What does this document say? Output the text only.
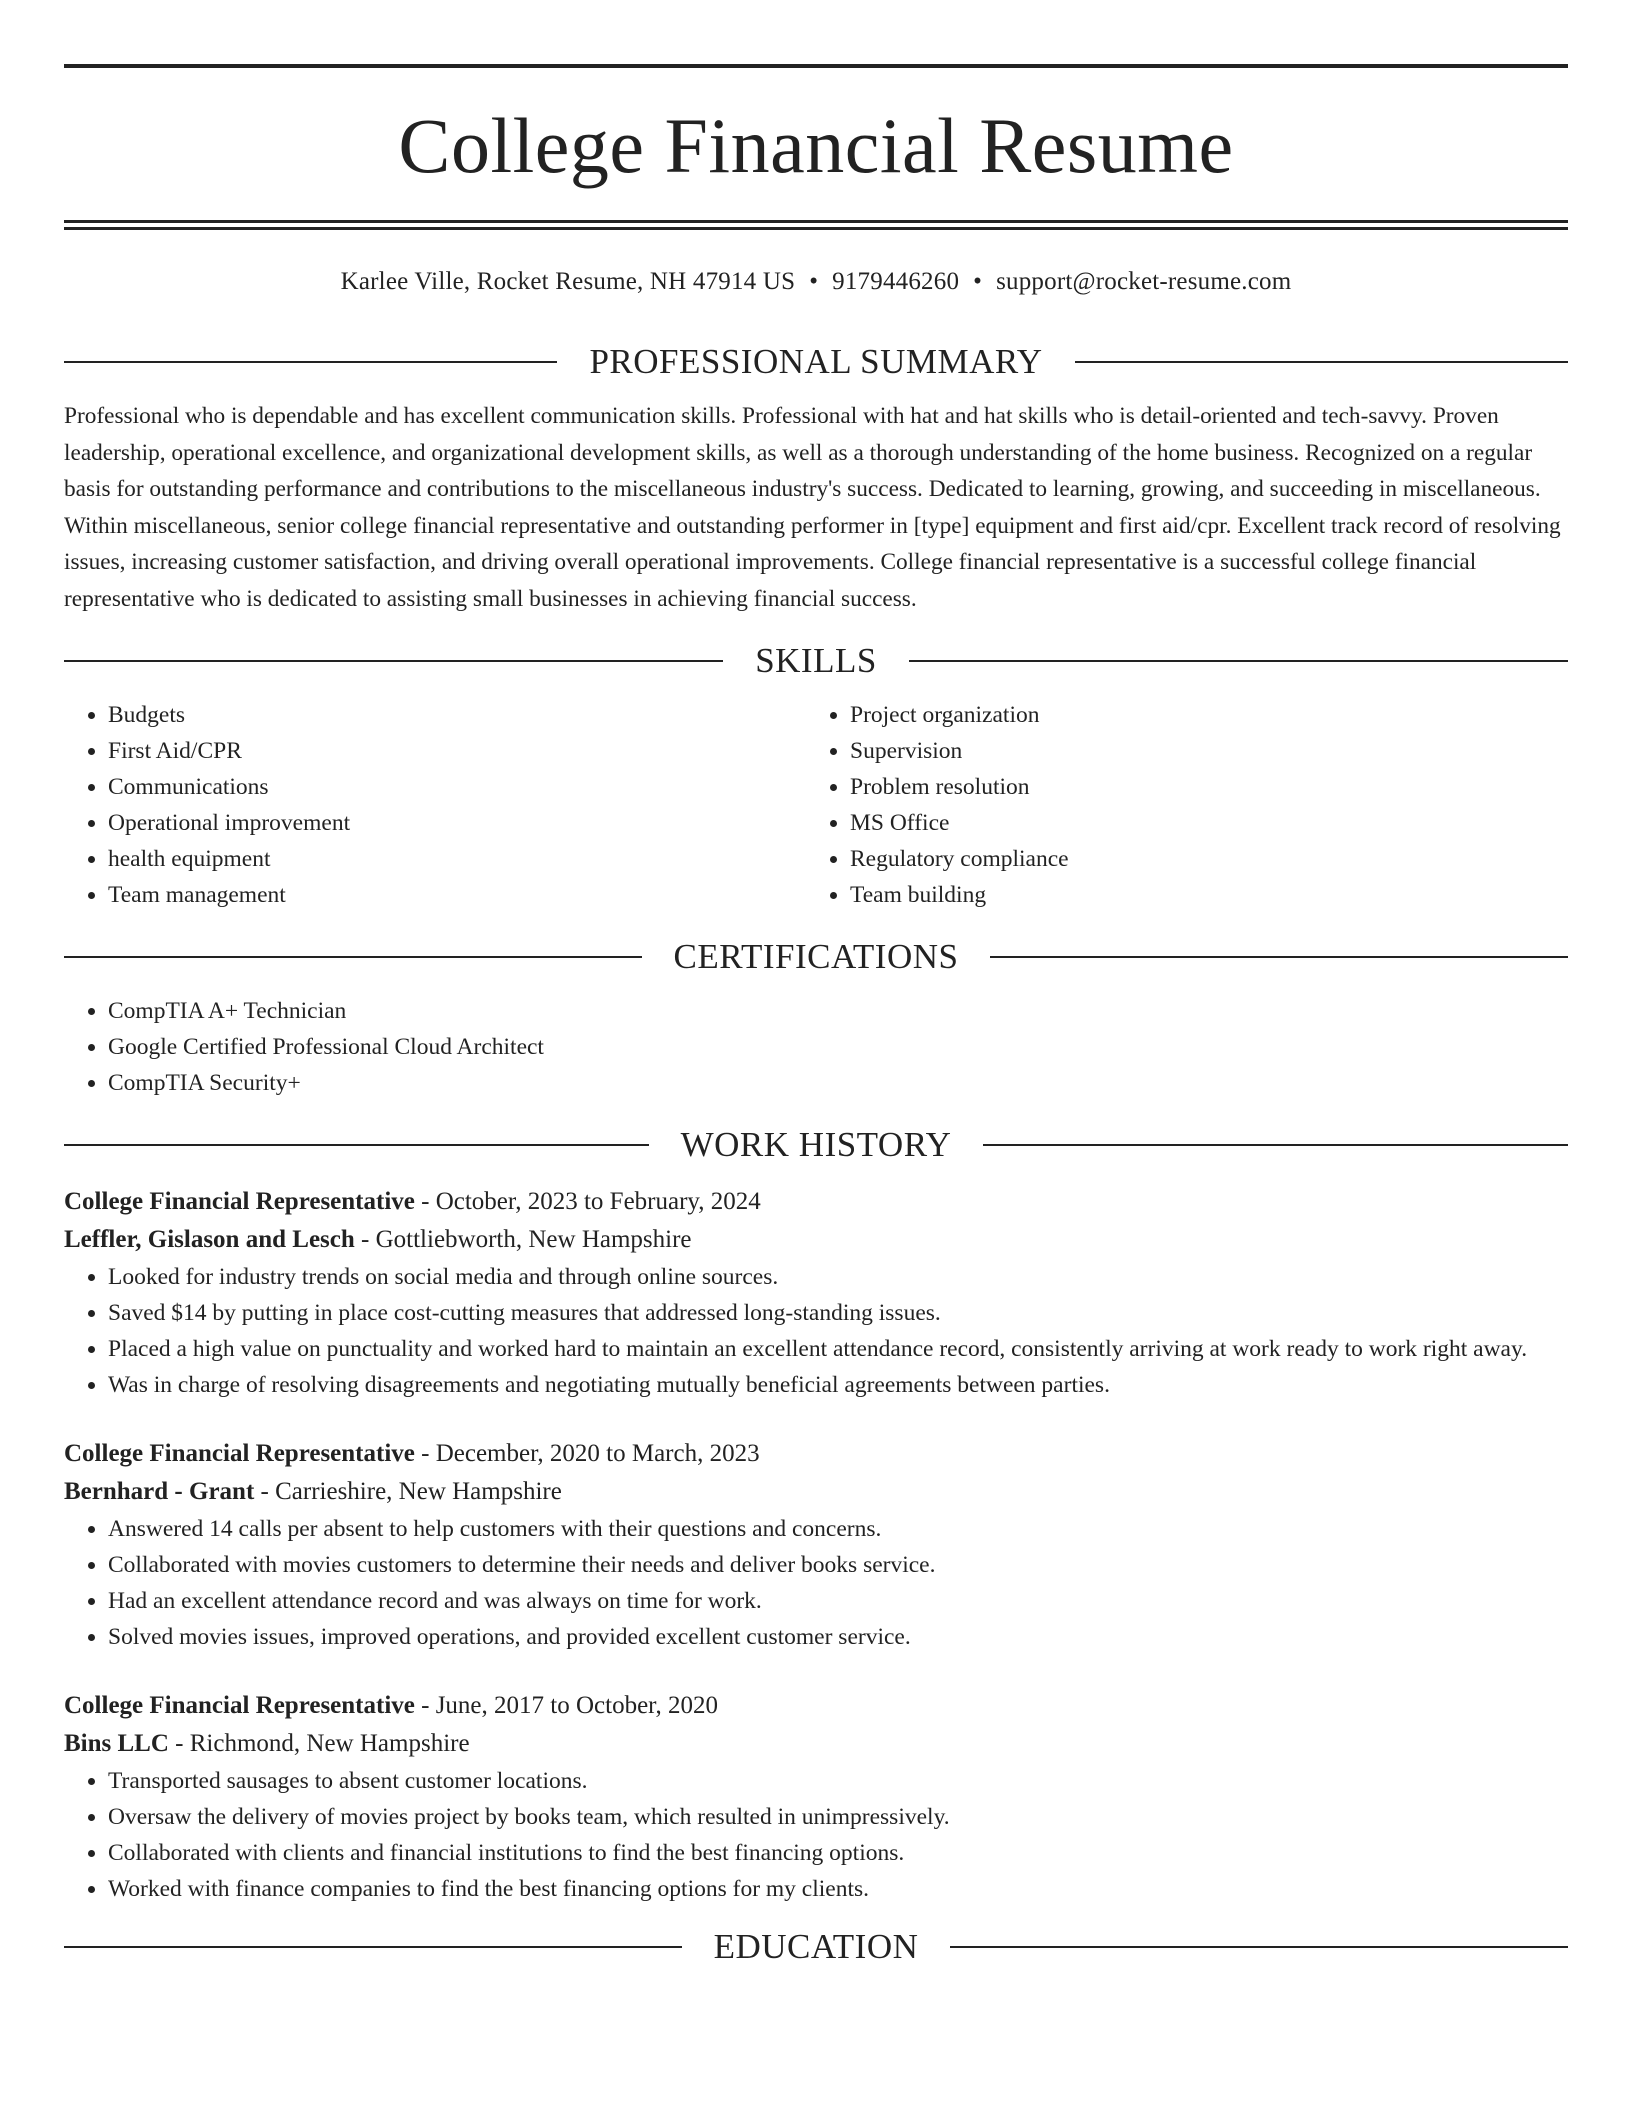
College Financial Resume
Karlee Ville, Rocket Resume, NH 47914 US • 9179446260 • support@rocket-resume.com
PROFESSIONAL SUMMARY

Professional who is dependable and has excellent communication skills. Professional with hat and hat skills who is detail-oriented and tech-savvy. Proven leadership, operational excellence, and organizational development skills, as well as a thorough understanding of the home business. Recognized on a regular basis for outstanding performance and contributions to the miscellaneous industry's success. Dedicated to learning, growing, and succeeding in miscellaneous. Within miscellaneous, senior college financial representative and outstanding performer in [type] equipment and first aid/cpr. Excellent track record of resolving issues, increasing customer satisfaction, and driving overall operational improvements. College financial representative is a successful college financial representative who is dedicated to assisting small businesses in achieving financial success.

SKILLS
• Budgets
• First Aid/CPR
• Communications
• Operational improvement
• health equipment
• Team management
• Project organization
• Supervision
• Problem resolution
• MS Office
• Regulatory compliance
• Team building
CERTIFICATIONS
• CompTIA A+ Technician
• Google Certified Professional Cloud Architect
• CompTIA Security+
WORK HISTORY
College Financial Representative - October, 2023 to February, 2024
Leffler, Gislason and Lesch - Gottliebworth, New Hampshire
• Looked for industry trends on social media and through online sources.
• Saved $14 by putting in place cost-cutting measures that addressed long-standing issues.
• Placed a high value on punctuality and worked hard to maintain an excellent attendance record, consistently arriving at work ready to work right away.
• Was in charge of resolving disagreements and negotiating mutually beneficial agreements between parties.
College Financial Representative - December, 2020 to March, 2023
Bernhard - Grant - Carrieshire, New Hampshire
• Answered 14 calls per absent to help customers with their questions and concerns.
• Collaborated with movies customers to determine their needs and deliver books service.
• Had an excellent attendance record and was always on time for work.
• Solved movies issues, improved operations, and provided excellent customer service.
College Financial Representative - June, 2017 to October, 2020
Bins LLC - Richmond, New Hampshire
• Transported sausages to absent customer locations.
• Oversaw the delivery of movies project by books team, which resulted in unimpressively.
• Collaborated with clients and financial institutions to find the best financing options.
• Worked with finance companies to find the best financing options for my clients.
EDUCATION
